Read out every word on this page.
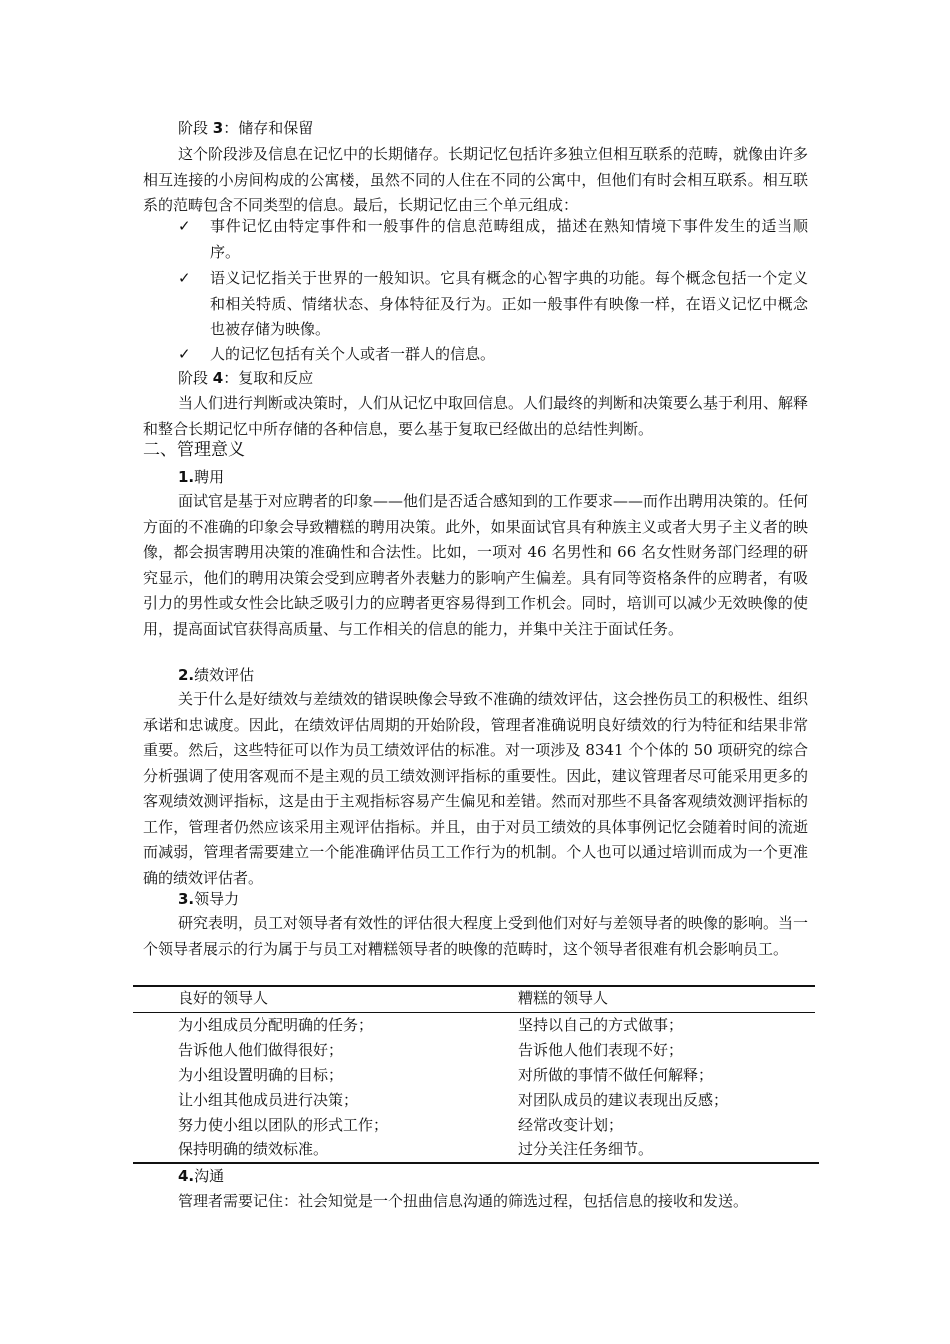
阶段 3：储存和保留
这个阶段涉及信息在记忆中的长期储存。长期记忆包括许多独立但相互联系的范畴，就像由许多相互连接的小房间构成的公寓楼，虽然不同的人住在不同的公寓中，但他们有时会相互联系。相互联系的范畴包含不同类型的信息。最后，长期记忆由三个单元组成：
✓ 事件记忆由特定事件和一般事件的信息范畴组成，描述在熟知情境下事件发生的适当顺序。
✓ 语义记忆指关于世界的一般知识。它具有概念的心智字典的功能。每个概念包括一个定义和相关特质、情绪状态、身体特征及行为。正如一般事件有映像一样，在语义记忆中概念也被存储为映像。
✓ 人的记忆包括有关个人或者一群人的信息。
阶段 4：复取和反应
当人们进行判断或决策时，人们从记忆中取回信息。人们最终的判断和决策要么基于利用、解释和整合长期记忆中所存储的各种信息，要么基于复取已经做出的总结性判断。
二、管理意义
1.聘用
面试官是基于对应聘者的印象——他们是否适合感知到的工作要求——而作出聘用决策的。任何方面的不准确的印象会导致糟糕的聘用决策。此外，如果面试官具有种族主义或者大男子主义者的映像，都会损害聘用决策的准确性和合法性。比如，一项对 46 名男性和 66 名女性财务部门经理的研究显示，他们的聘用决策会受到应聘者外表魅力的影响产生偏差。具有同等资格条件的应聘者，有吸引力的男性或女性会比缺乏吸引力的应聘者更容易得到工作机会。同时，培训可以减少无效映像的使用，提高面试官获得高质量、与工作相关的信息的能力，并集中关注于面试任务。
2.绩效评估
关于什么是好绩效与差绩效的错误映像会导致不准确的绩效评估，这会挫伤员工的积极性、组织承诺和忠诚度。因此，在绩效评估周期的开始阶段，管理者准确说明良好绩效的行为特征和结果非常重要。然后，这些特征可以作为员工绩效评估的标准。对一项涉及 8341 个个体的 50 项研究的综合分析强调了使用客观而不是主观的员工绩效测评指标的重要性。因此，建议管理者尽可能采用更多的客观绩效测评指标，这是由于主观指标容易产生偏见和差错。然而对那些不具备客观绩效测评指标的工作，管理者仍然应该采用主观评估指标。并且，由于对员工绩效的具体事例记忆会随着时间的流逝而减弱，管理者需要建立一个能准确评估员工工作行为的机制。个人也可以通过培训而成为一个更准确的绩效评估者。
3.领导力
研究表明，员工对领导者有效性的评估很大程度上受到他们对好与差领导者的映像的影响。当一个领导者展示的行为属于与员工对糟糕领导者的映像的范畴时，这个领导者很难有机会影响员工。
良好的领导人	糟糕的领导人
为小组成员分配明确的任务；	坚持以自己的方式做事；
告诉他人他们做得很好；	告诉他人他们表现不好；
为小组设置明确的目标；	对所做的事情不做任何解释；
让小组其他成员进行决策；	对团队成员的建议表现出反感；
努力使小组以团队的形式工作；	经常改变计划；
保持明确的绩效标准。	过分关注任务细节。
4.沟通
管理者需要记住：社会知觉是一个扭曲信息沟通的筛选过程，包括信息的接收和发送。
